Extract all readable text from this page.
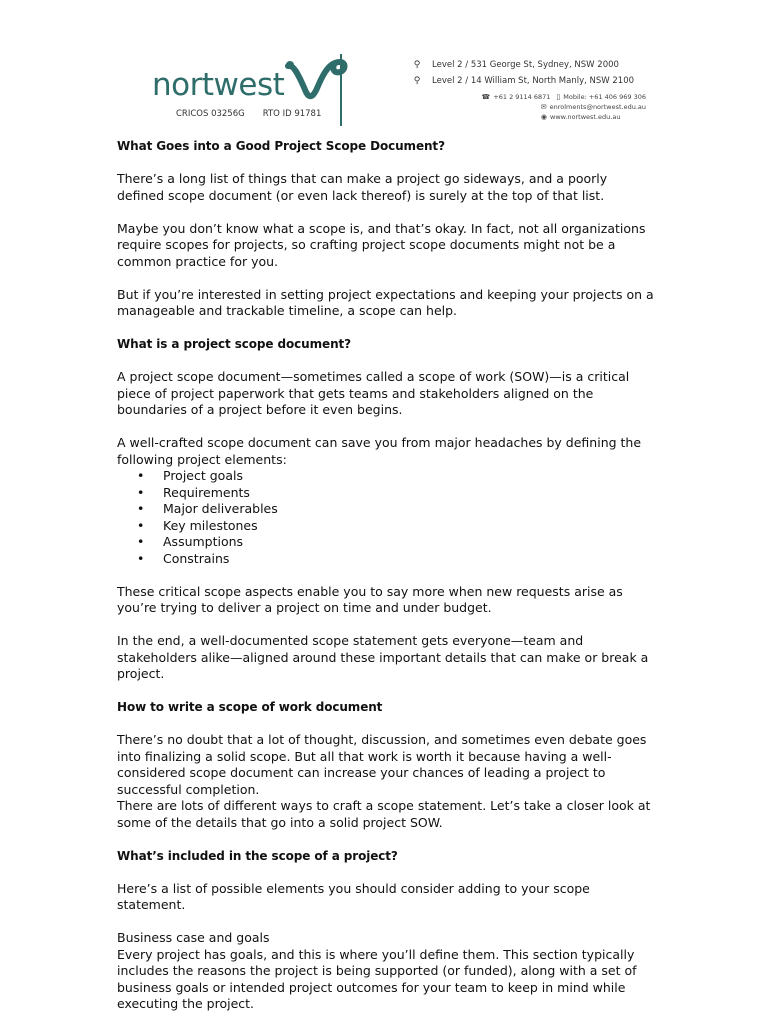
nortwest
CRICOS 03256G RTO ID 91781
⚲ Level 2 / 531 George St, Sydney, NSW 2000
⚲ Level 2 / 14 William St, North Manly, NSW 2100
☎ +61 2 9114 6871 ▯ Mobile: +61 406 969 306
✉ enrolments@nortwest.edu.au
◉ www.nortwest.edu.au

What Goes into a Good Project Scope Document?

There’s a long list of things that can make a project go sideways, and a poorly defined scope document (or even lack thereof) is surely at the top of that list.

Maybe you don’t know what a scope is, and that’s okay. In fact, not all organizations require scopes for projects, so crafting project scope documents might not be a common practice for you.

But if you’re interested in setting project expectations and keeping your projects on a manageable and trackable timeline, a scope can help.

What is a project scope document?

A project scope document—sometimes called a scope of work (SOW)—is a critical piece of project paperwork that gets teams and stakeholders aligned on the boundaries of a project before it even begins.

A well-crafted scope document can save you from major headaches by defining the following project elements:

• Project goals
• Requirements
• Major deliverables
• Key milestones
• Assumptions
• Constrains

These critical scope aspects enable you to say more when new requests arise as you’re trying to deliver a project on time and under budget.

In the end, a well-documented scope statement gets everyone—team and stakeholders alike—aligned around these important details that can make or break a project.

How to write a scope of work document

There’s no doubt that a lot of thought, discussion, and sometimes even debate goes into finalizing a solid scope. But all that work is worth it because having a well-considered scope document can increase your chances of leading a project to successful completion.

There are lots of different ways to craft a scope statement. Let’s take a closer look at some of the details that go into a solid project SOW.

What’s included in the scope of a project?

Here’s a list of possible elements you should consider adding to your scope statement.

Business case and goals

Every project has goals, and this is where you’ll define them. This section typically includes the reasons the project is being supported (or funded), along with a set of business goals or intended project outcomes for your team to keep in mind while executing the project.
